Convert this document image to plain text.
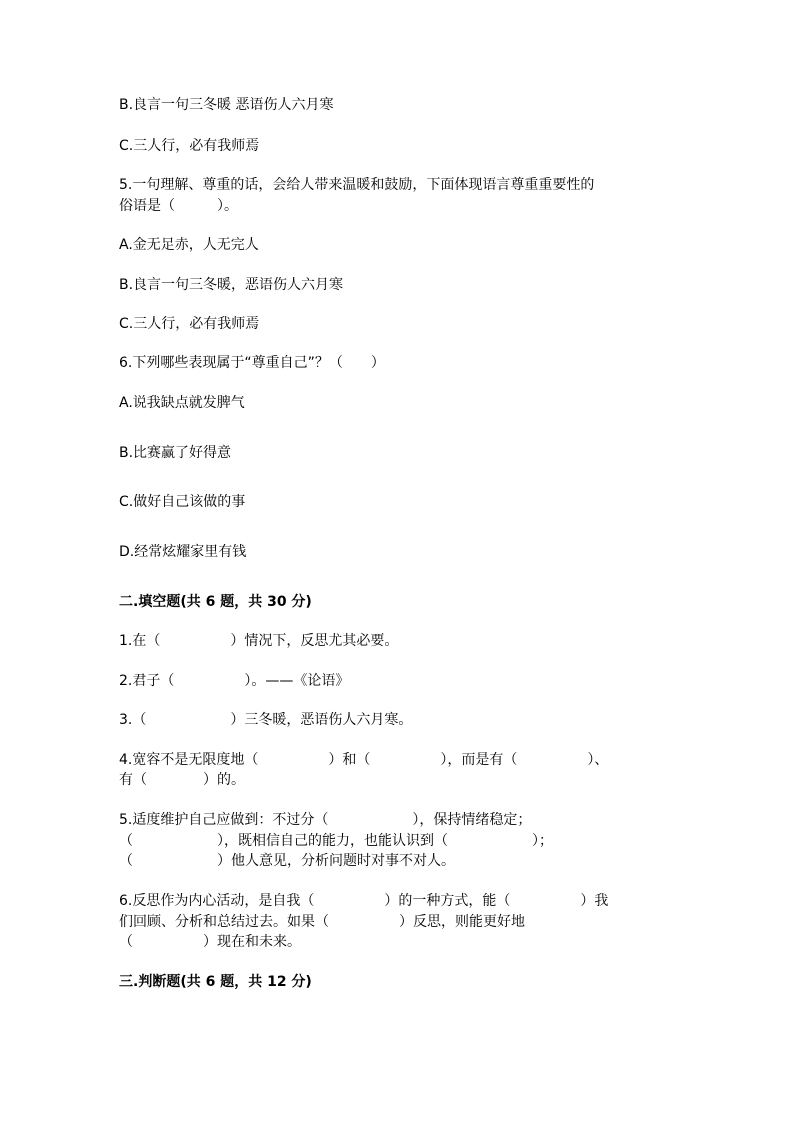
B.良言一句三冬暖 恶语伤人六月寒
C.三人行，必有我师焉
5.一句理解、尊重的话，会给人带来温暖和鼓励，下面体现语言尊重重要性的
俗语是（　　　）。
A.金无足赤，人无完人
B.良言一句三冬暖，恶语伤人六月寒
C.三人行，必有我师焉
6.下列哪些表现属于“尊重自己”？（　　）
A.说我缺点就发脾气
B.比赛赢了好得意
C.做好自己该做的事
D.经常炫耀家里有钱
二.填空题(共 6 题，共 30 分)
1.在（　　　　　）情况下，反思尤其必要。
2.君子（　　　　　）。——《论语》
3.（　　　　　　）三冬暖，恶语伤人六月寒。
4.宽容不是无限度地（　　　　　）和（　　　　　），而是有（　　　　　）、
有（　　　　）的。
5.适度维护自己应做到：不过分（　　　　　　），保持情绪稳定；
（　　　　　　），既相信自己的能力，也能认识到（　　　　　　）；
（　　　　　　）他人意见，分析问题时对事不对人。
6.反思作为内心活动，是自我（　　　　　）的一种方式，能（　　　　　）我
们回顾、分析和总结过去。如果（　　　　　）反思，则能更好地
（　　　　　）现在和未来。
三.判断题(共 6 题，共 12 分)
